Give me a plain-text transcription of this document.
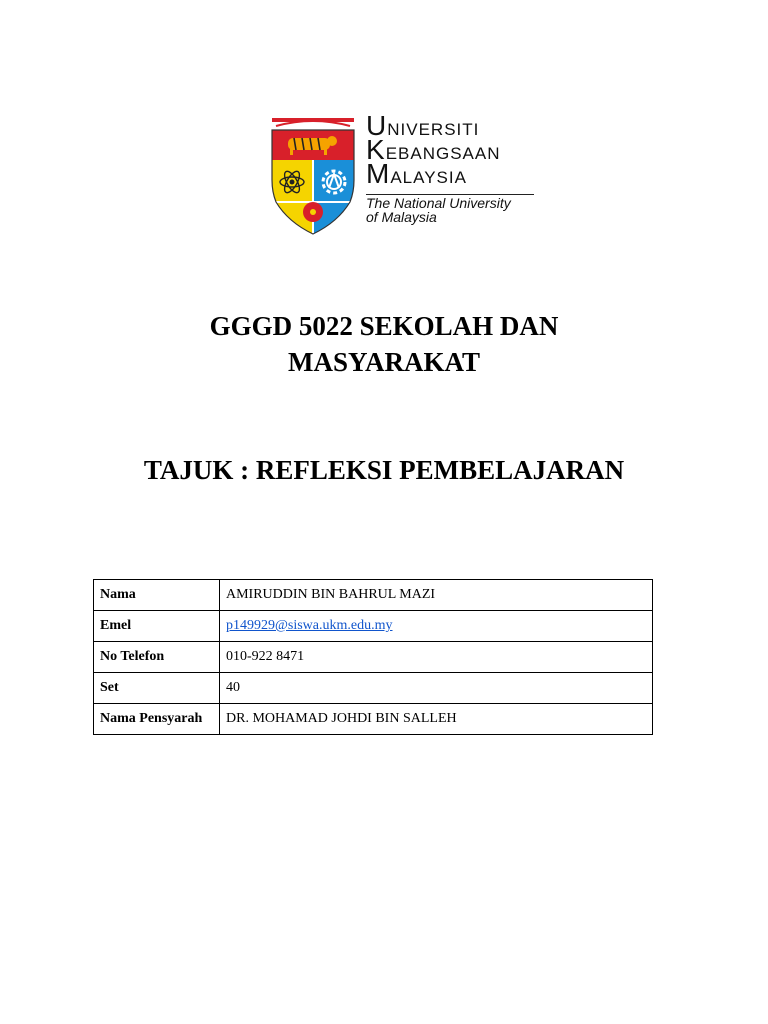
UNIVERSITI
KEBANGSAAN
MALAYSIA
The National University
of Malaysia
GGGD 5022 SEKOLAH DAN
MASYARAKAT
TAJUK : REFLEKSI PEMBELAJARAN
Nama	AMIRUDDIN BIN BAHRUL MAZI
Emel	p149929@siswa.ukm.edu.my
No Telefon	010-922 8471
Set	40
Nama Pensyarah	DR. MOHAMAD JOHDI BIN SALLEH
